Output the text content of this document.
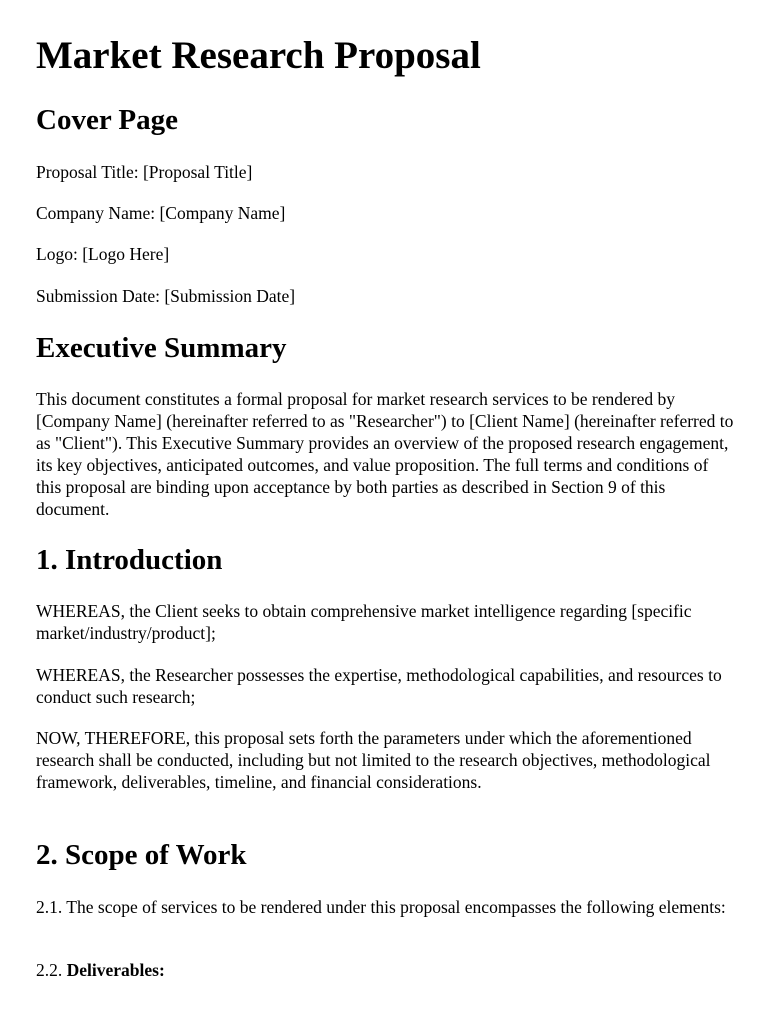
Market Research Proposal
Cover Page

Proposal Title: [Proposal Title]

Company Name: [Company Name]

Logo: [Logo Here]

Submission Date: [Submission Date]

Executive Summary

This document constitutes a formal proposal for market research services to be rendered by [Company Name] (hereinafter referred to as "Researcher") to [Client Name] (hereinafter referred to as "Client"). This Executive Summary provides an overview of the proposed research engagement, its key objectives, anticipated outcomes, and value proposition. The full terms and conditions of this proposal are binding upon acceptance by both parties as described in Section 9 of this document.

1. Introduction

WHEREAS, the Client seeks to obtain comprehensive market intelligence regarding [specific market/industry/product];

WHEREAS, the Researcher possesses the expertise, methodological capabilities, and resources to conduct such research;

NOW, THEREFORE, this proposal sets forth the parameters under which the aforementioned research shall be conducted, including but not limited to the research objectives, methodological framework, deliverables, timeline, and financial considerations.

2. Scope of Work

2.1. The scope of services to be rendered under this proposal encompasses the following elements:

2.2. Deliverables:
